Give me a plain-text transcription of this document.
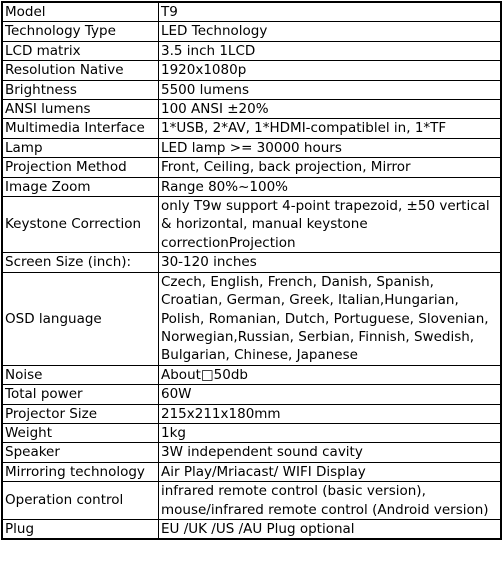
Model	T9
Technology Type	LED Technology
LCD matrix	3.5 inch 1LCD
Resolution Native	1920x1080p
Brightness	5500 lumens
ANSI lumens	100 ANSI ±20%
Multimedia Interface	1*USB, 2*AV, 1*HDMI-compatiblel in, 1*TF
Lamp	LED lamp >= 30000 hours
Projection Method	Front, Ceiling, back projection, Mirror
Image Zoom	Range 80%~100%
Keystone Correction	only T9w support 4-point trapezoid, ±50 vertical & horizontal, manual keystone correctionProjection
Screen Size (inch):	30-120 inches
OSD language	Czech, English, French, Danish, Spanish, Croatian, German, Greek, Italian,Hungarian, Polish, Romanian, Dutch, Portuguese, Slovenian, Norwegian,Russian, Serbian, Finnish, Swedish, Bulgarian, Chinese, Japanese
Noise	About□50db
Total power	60W
Projector Size	215x211x180mm
Weight	1kg
Speaker	3W independent sound cavity
Mirroring technology	Air Play/Mriacast/ WIFI Display
Operation control	infrared remote control (basic version), mouse/infrared remote control (Android version)
Plug	EU /UK /US /AU Plug optional
